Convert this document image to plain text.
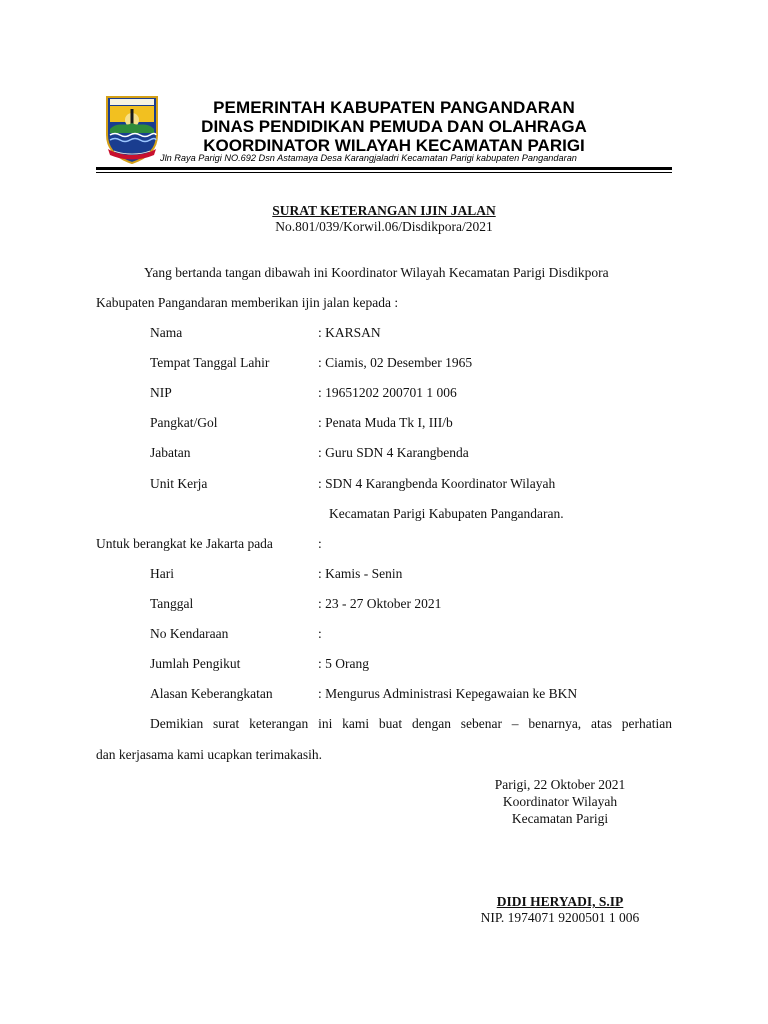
PEMERINTAH KABUPATEN PANGANDARAN
DINAS PENDIDIKAN PEMUDA DAN OLAHRAGA
KOORDINATOR WILAYAH KECAMATAN PARIGI
Jln Raya Parigi NO.692 Dsn Astamaya Desa Karangjaladri Kecamatan Parigi kabupaten Pangandaran
SURAT KETERANGAN IJIN JALAN
No.801/039/Korwil.06/Disdikpora/2021
Yang bertanda tangan dibawah ini Koordinator Wilayah Kecamatan Parigi Disdikpora
Kabupaten Pangandaran memberikan ijin jalan kepada :
Nama	: KARSAN
Tempat Tanggal Lahir	: Ciamis, 02 Desember 1965
NIP	: 19651202 200701 1 006
Pangkat/Gol	: Penata Muda Tk I, III/b
Jabatan	: Guru SDN 4 Karangbenda
Unit Kerja	: SDN 4 Karangbenda Koordinator Wilayah
Kecamatan Parigi Kabupaten Pangandaran.
Untuk berangkat ke Jakarta pada	:
Hari	: Kamis - Senin
Tanggal	: 23 - 27 Oktober 2021
No Kendaraan	:
Jumlah Pengikut	: 5 Orang
Alasan Keberangkatan	: Mengurus Administrasi Kepegawaian ke BKN
Demikian surat keterangan ini kami buat dengan sebenar – benarnya, atas perhatian
dan kerjasama kami ucapkan terimakasih.
Parigi, 22 Oktober 2021
Koordinator Wilayah
Kecamatan Parigi
DIDI HERYADI, S.IP
NIP. 1974071 9200501 1 006
